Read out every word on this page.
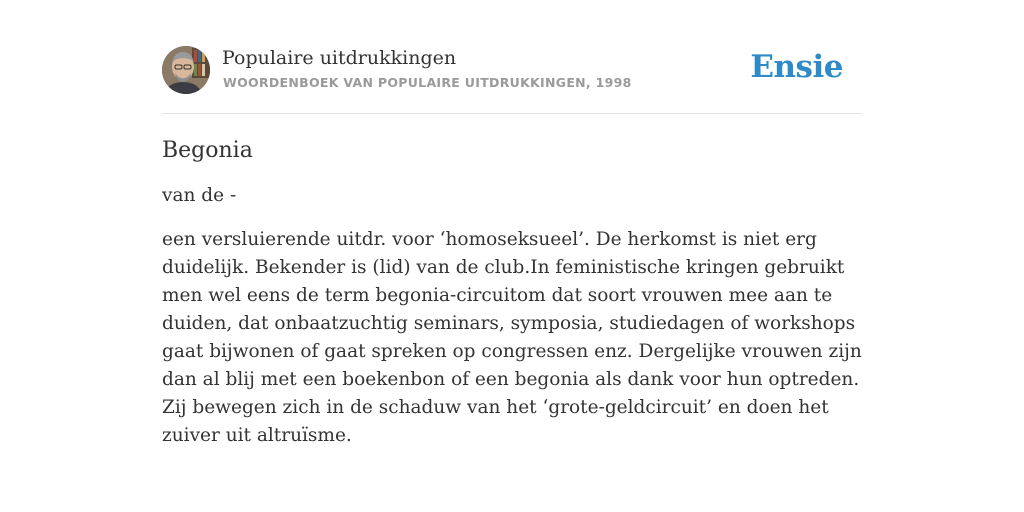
Populaire uitdrukkingen
WOORDENBOEK VAN POPULAIRE UITDRUKKINGEN, 1998	Ensie
Begonia

van de -

een versluierende uitdr. voor ‘homoseksueel’. De herkomst is niet erg duidelijk. Bekender is (lid) van de club.In feministische kringen gebruikt men wel eens de term begonia-circuitom dat soort vrouwen mee aan te duiden, dat onbaatzuchtig seminars, symposia, studiedagen of workshops gaat bijwonen of gaat spreken op congressen enz. Dergelijke vrouwen zijn dan al blij met een boekenbon of een begonia als dank voor hun optreden. Zij bewegen zich in de schaduw van het ‘grote-geldcircuit’ en doen het zuiver uit altruïsme.
